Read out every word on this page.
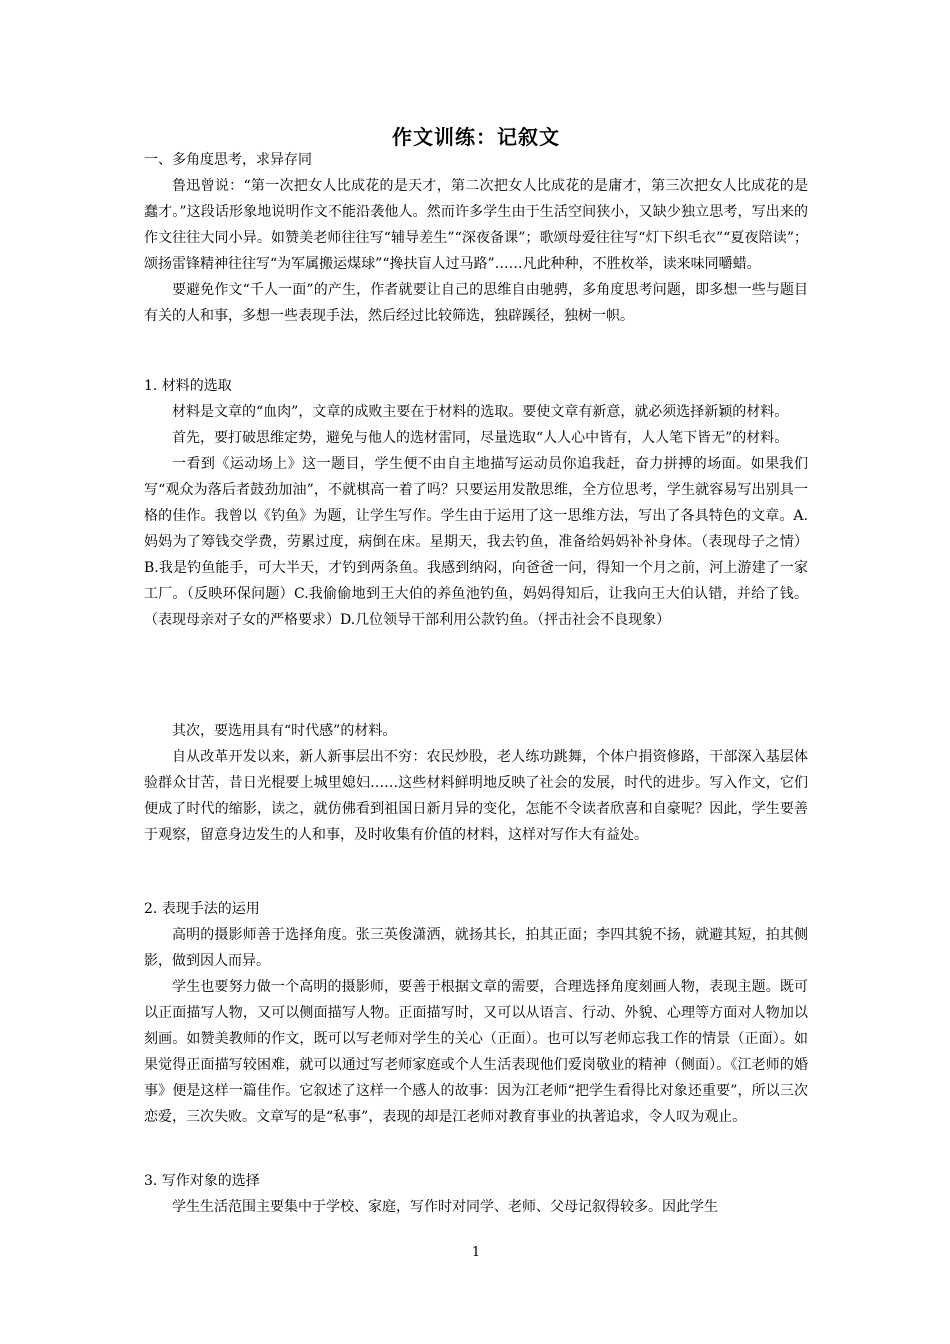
作文训练：记叙文

一、多角度思考，求异存同

鲁迅曾说：“第一次把女人比成花的是天才，第二次把女人比成花的是庸才，第三次把女人比成花的是蠢才。”这段话形象地说明作文不能沿袭他人。然而许多学生由于生活空间狭小，又缺少独立思考，写出来的作文往往大同小异。如赞美老师往往写“辅导差生”“深夜备课”；歌颂母爱往往写“灯下织毛衣”“夏夜陪读”；颂扬雷锋精神往往写“为军属搬运煤球”“搀扶盲人过马路”……凡此种种，不胜枚举，读来味同嚼蜡。

要避免作文“千人一面”的产生，作者就要让自己的思维自由驰骋，多角度思考问题，即多想一些与题目有关的人和事，多想一些表现手法，然后经过比较筛选，独辟蹊径，独树一帜。

1. 材料的选取

材料是文章的“血肉”，文章的成败主要在于材料的选取。要使文章有新意，就必须选择新颖的材料。

首先，要打破思维定势，避免与他人的选材雷同，尽量选取“人人心中皆有，人人笔下皆无”的材料。

一看到《运动场上》这一题目，学生便不由自主地描写运动员你追我赶，奋力拼搏的场面。如果我们写“观众为落后者鼓劲加油”，不就棋高一着了吗？只要运用发散思维，全方位思考，学生就容易写出别具一格的佳作。我曾以《钓鱼》为题，让学生写作。学生由于运用了这一思维方法，写出了各具特色的文章。A.妈妈为了筹钱交学费，劳累过度，病倒在床。星期天，我去钓鱼，准备给妈妈补补身体。（表现母子之情）B.我是钓鱼能手，可大半天，才钓到两条鱼。我感到纳闷，向爸爸一问，得知一个月之前，河上游建了一家工厂。（反映环保问题）C.我偷偷地到王大伯的养鱼池钓鱼，妈妈得知后，让我向王大伯认错，并给了钱。（表现母亲对子女的严格要求）D.几位领导干部利用公款钓鱼。（抨击社会不良现象）

其次，要选用具有“时代感”的材料。

自从改革开发以来，新人新事层出不穷：农民炒股，老人练功跳舞，个体户捐资修路，干部深入基层体验群众甘苦，昔日光棍要上城里媳妇……这些材料鲜明地反映了社会的发展，时代的进步。写入作文，它们便成了时代的缩影，读之，就仿佛看到祖国日新月异的变化，怎能不令读者欣喜和自豪呢？因此，学生要善于观察，留意身边发生的人和事，及时收集有价值的材料，这样对写作大有益处。

2. 表现手法的运用

高明的摄影师善于选择角度。张三英俊潇洒，就扬其长，拍其正面；李四其貌不扬，就避其短，拍其侧影，做到因人而异。

学生也要努力做一个高明的摄影师，要善于根据文章的需要，合理选择角度刻画人物，表现主题。既可以正面描写人物，又可以侧面描写人物。正面描写时，又可以从语言、行动、外貌、心理等方面对人物加以刻画。如赞美教师的作文，既可以写老师对学生的关心（正面）。也可以写老师忘我工作的情景（正面）。如果觉得正面描写较困难，就可以通过写老师家庭或个人生活表现他们爱岗敬业的精神（侧面）。《江老师的婚事》便是这样一篇佳作。它叙述了这样一个感人的故事：因为江老师“把学生看得比对象还重要”，所以三次恋爱，三次失败。文章写的是“私事”，表现的却是江老师对教育事业的执著追求，令人叹为观止。

3. 写作对象的选择

学生生活范围主要集中于学校、家庭，写作时对同学、老师、父母记叙得较多。因此学生

1
